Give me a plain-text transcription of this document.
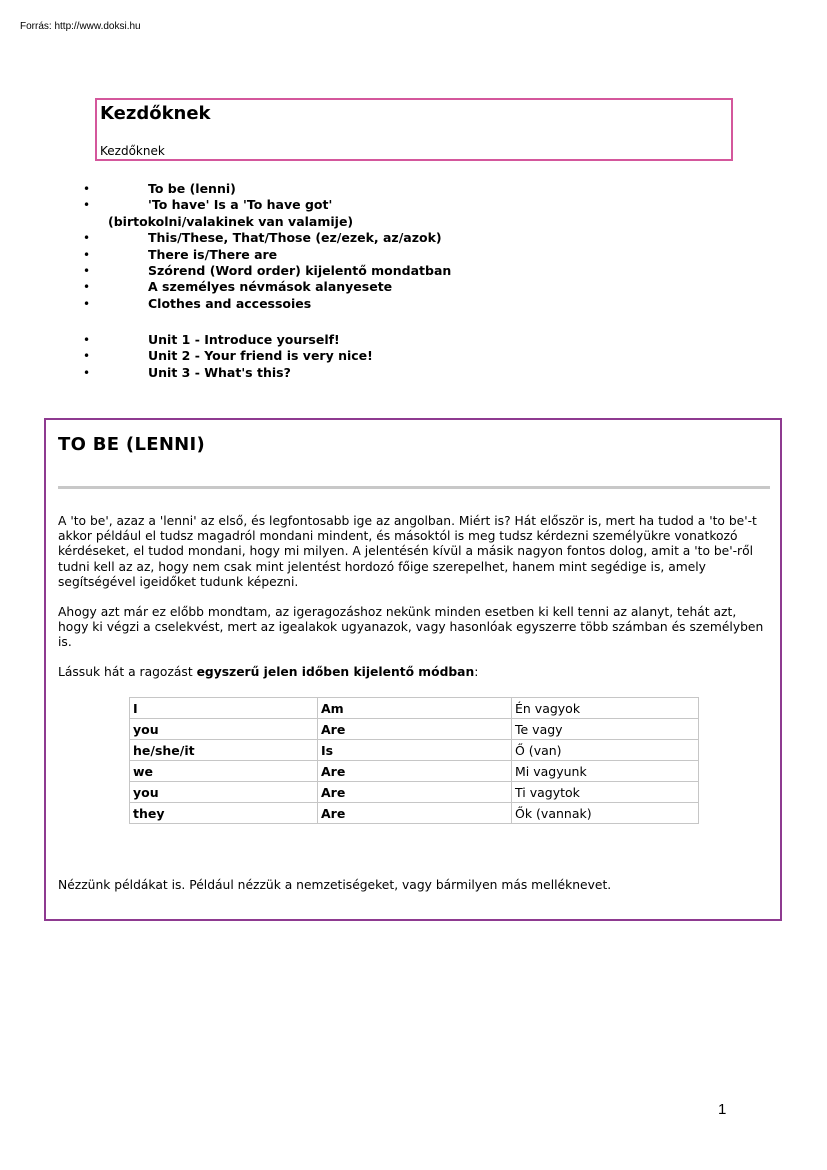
Forrás: http://www.doksi.hu
Kezdőknek
Kezdőknek
•	To be (lenni)
•	'To have' Is a 'To have got'
(birtokolni/valakinek van valamije)
•	This/These, That/Those (ez/ezek, az/azok)
•	There is/There are
•	Szórend (Word order) kijelentő mondatban
•	A személyes névmások alanyesete
•	Clothes and accessoies
•	Unit 1 - Introduce yourself!
•	Unit 2 - Your friend is very nice!
•	Unit 3 - What's this?
TO BE (LENNI)

A 'to be', azaz a 'lenni' az első, és legfontosabb ige az angolban. Miért is? Hát először is, mert ha tudod a 'to be'-t akkor például el tudsz magadról mondani mindent, és másoktól is meg tudsz kérdezni személyükre vonatkozó kérdéseket, el tudod mondani, hogy mi milyen. A jelentésén kívül a másik nagyon fontos dolog, amit a 'to be'-ről tudni kell az az, hogy nem csak mint jelentést hordozó főige szerepelhet, hanem mint segédige is, amely segítségével igeidőket tudunk képezni.

Ahogy azt már ez előbb mondtam, az igeragozáshoz nekünk minden esetben ki kell tenni az alanyt, tehát azt, hogy ki végzi a cselekvést, mert az igealakok ugyanazok, vagy hasonlóak egyszerre több számban és személyben is.

Lássuk hát a ragozást egyszerű jelen időben kijelentő módban:

I	Am	Én vagyok
you	Are	Te vagy
he/she/it	Is	Ő (van)
we	Are	Mi vagyunk
you	Are	Ti vagytok
they	Are	Ők (vannak)

Nézzünk példákat is. Például nézzük a nemzetiségeket, vagy bármilyen más melléknevet.

1
